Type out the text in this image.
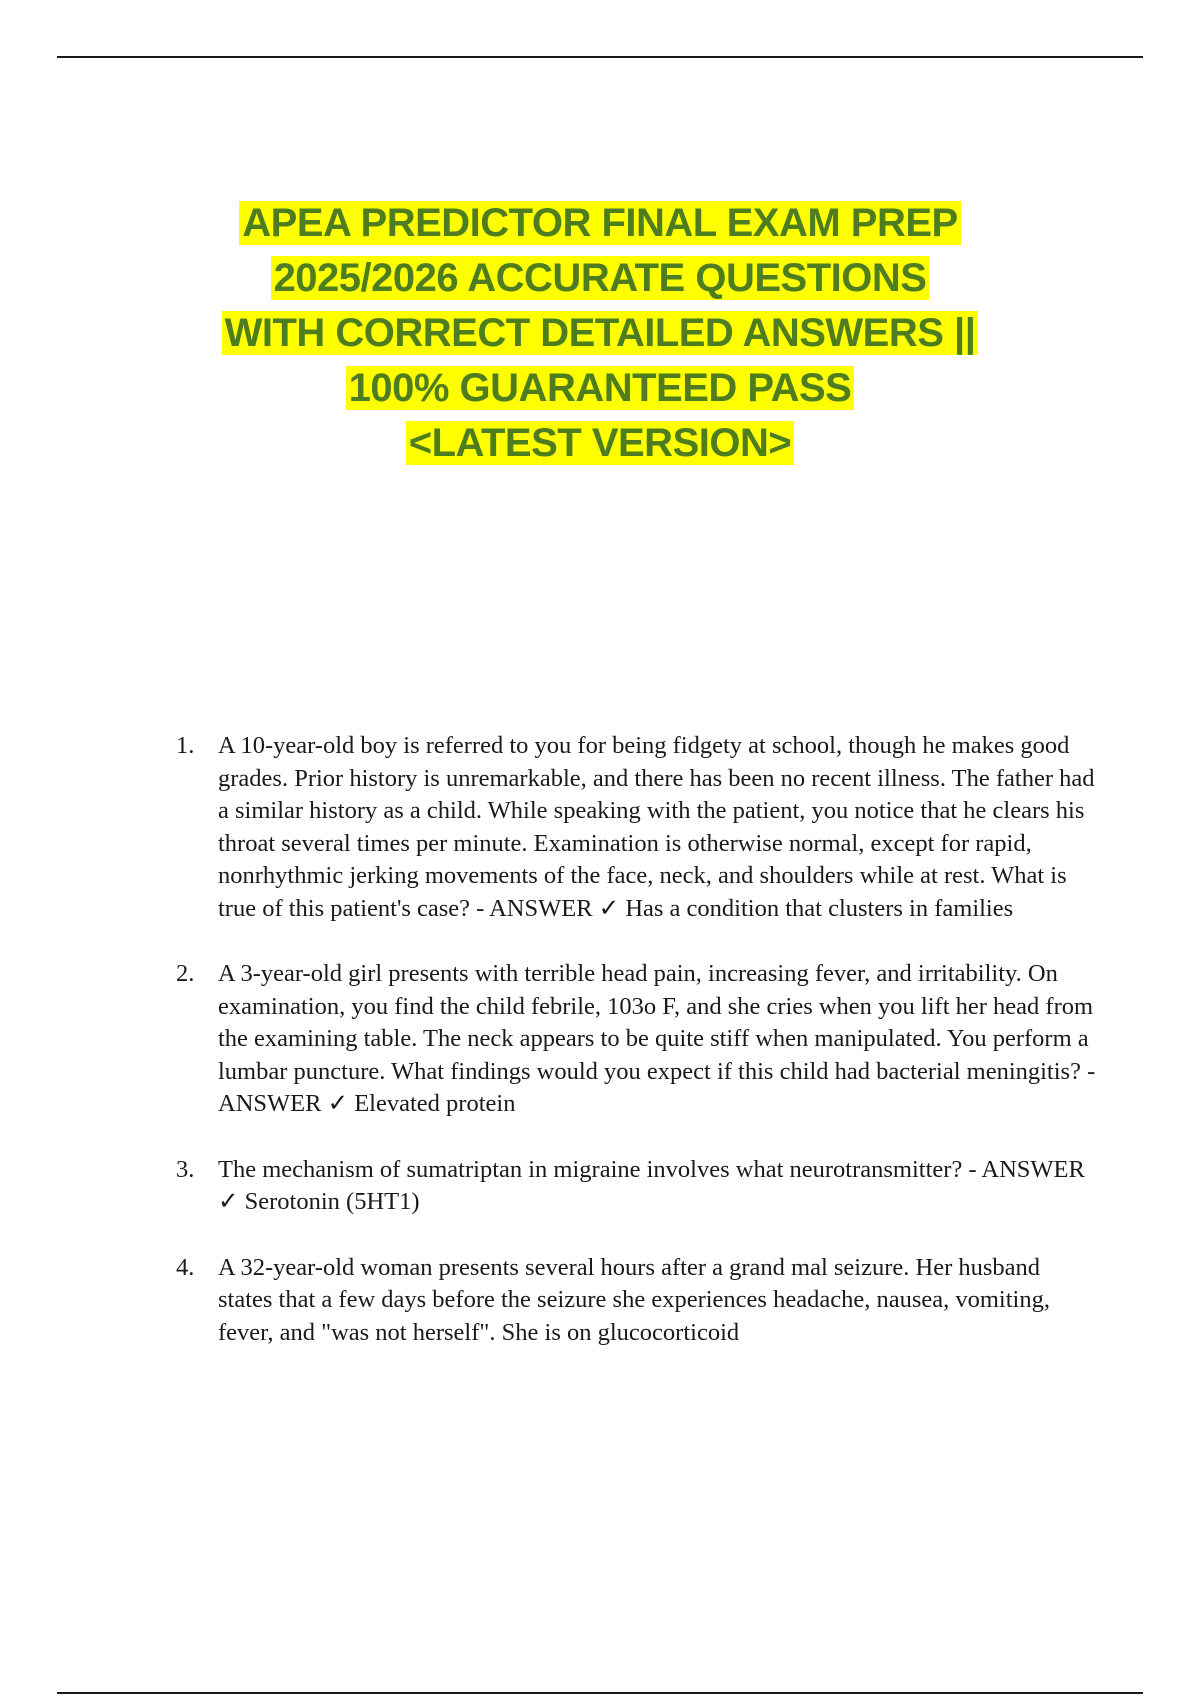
APEA PREDICTOR FINAL EXAM PREP
2025/2026 ACCURATE QUESTIONS
WITH CORRECT DETAILED ANSWERS ||
100% GUARANTEED PASS
<LATEST VERSION>
1. A 10-year-old boy is referred to you for being fidgety at school, though he makes good grades. Prior history is unremarkable, and there has been no recent illness. The father had a similar history as a child. While speaking with the patient, you notice that he clears his throat several times per minute. Examination is otherwise normal, except for rapid, nonrhythmic jerking movements of the face, neck, and shoulders while at rest. What is true of this patient's case? - ANSWER ✓ Has a condition that clusters in families
2. A 3-year-old girl presents with terrible head pain, increasing fever, and irritability. On examination, you find the child febrile, 103o F, and she cries when you lift her head from the examining table. The neck appears to be quite stiff when manipulated. You perform a lumbar puncture. What findings would you expect if this child had bacterial meningitis? - ANSWER ✓ Elevated protein
3. The mechanism of sumatriptan in migraine involves what neurotransmitter? - ANSWER ✓ Serotonin (5HT1)
4. A 32-year-old woman presents several hours after a grand mal seizure. Her husband states that a few days before the seizure she experiences headache, nausea, vomiting, fever, and "was not herself". She is on glucocorticoid
